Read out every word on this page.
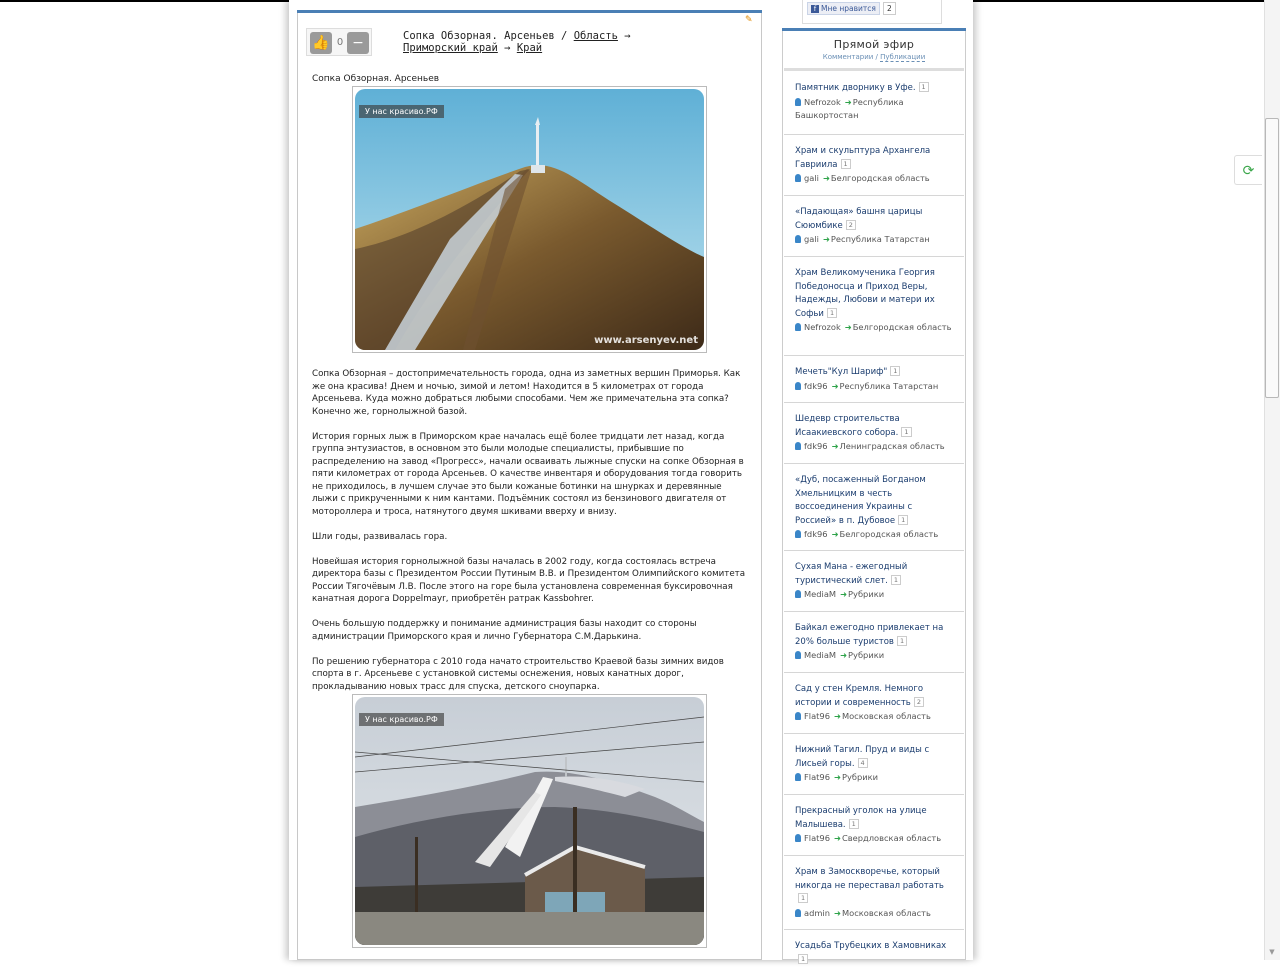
✎
👍 0 −	Сопка Обзорная. Арсеньев / Область →
Приморский край → Край
Сопка Обзорная. Арсеньев
У нас красиво.РФ
www.arsenyev.net

Сопка Обзорная – достопримечательность города, одна из заметных вершин Приморья. Как же она красива! Днем и ночью, зимой и летом! Находится в 5 километрах от города Арсеньева. Куда можно добраться любыми способами. Чем же примечательна эта сопка? Конечно же, горнолыжной базой.

История горных лыж в Приморском крае началась ещё более тридцати лет назад, когда группа энтузиастов, в основном это были молодые специалисты, прибывшие по распределению на завод «Прогресс», начали осваивать лыжные спуски на сопке Обзорная в пяти километрах от города Арсеньев. О качестве инвентаря и оборудования тогда говорить не приходилось, в лучшем случае это были кожаные ботинки на шнурках и деревянные лыжи с прикрученными к ним кантами. Подъёмник состоял из бензинового двигателя от мотороллера и троса, натянутого двумя шкивами вверху и внизу.

Шли годы, развивалась гора.

Новейшая история горнолыжной базы началась в 2002 году, когда состоялась встреча директора базы с Президентом России Путиным В.В. и Президентом Олимпийского комитета России Тягочёвым Л.В. После этого на горе была установлена современная буксировочная канатная дорога Doppelmayr, приобретён ратрак Kassbohrer.

Очень большую поддержку и понимание администрация базы находит со стороны администрации Приморского края и лично Губернатора С.М.Дарькина.

По решению губернатора с 2010 года начато строительство Краевой базы зимних видов спорта в г. Арсеньеве с установкой системы оснежения, новых канатных дорог, прокладыванию новых трасс для спуска, детского сноупарка.

У нас красиво.РФ
f Мне нравится	2
Прямой эфир
Комментарии / Публикации
Памятник дворнику в Уфе. 1
Nefrozok ➜Республика Башкортостан
Храм и скульптура Архангела Гавриила 1
gali ➜Белгородская область
«Падающая» башня царицы Сююмбике 2
gali ➜Республика Татарстан
Храм Великомученика Георгия Победоносца и Приход Веры, Надежды, Любови и матери их Софьи 1
Nefrozok ➜Белгородская область
Мечеть"Кул Шариф" 1
fdk96 ➜Республика Татарстан
Шедевр строительства Исаакиевского собора. 1
fdk96 ➜Ленинградская область
«Дуб, посаженный Богданом Хмельницким в честь воссоединения Украины с Россией» в п. Дубовое 1
fdk96 ➜Белгородская область
Сухая Мана - ежегодный туристический слет. 1
MediaM ➜Рубрики
Байкал ежегодно привлекает на 20% больше туристов 1
MediaM ➜Рубрики
Сад у стен Кремля. Немного истории и современность 2
Flat96 ➜Московская область
Нижний Тагил. Пруд и виды с Лисьей горы. 4
Flat96 ➜Рубрики
Прекрасный уголок на улице Малышева. 1
Flat96 ➜Свердловская область
Храм в Замоскворечье, который никогда не переставал работать1
admin ➜Московская область
Усадьба Трубецких в Хамовниках1
⟳
▼
